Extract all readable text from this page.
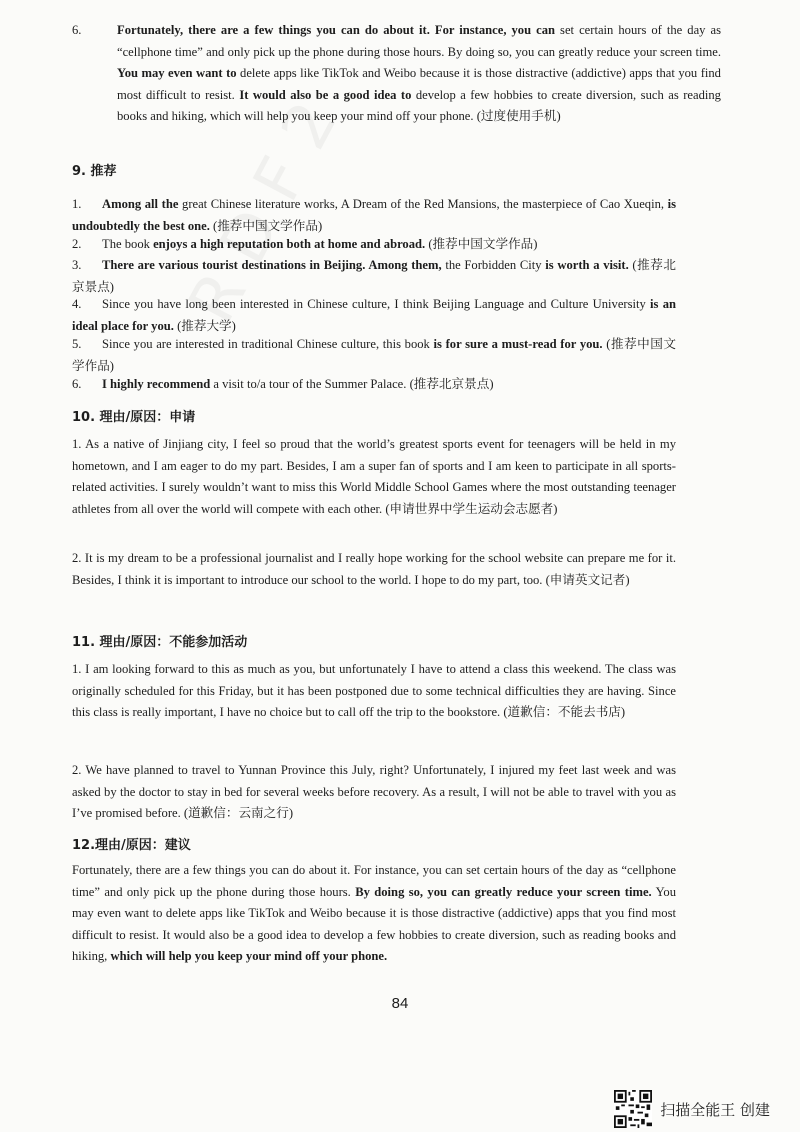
6.	Fortunately, there are a few things you can do about it. For instance, you can set certain hours of the day as “cellphone time” and only pick up the phone during those hours. By doing so, you can greatly reduce your screen time. You may even want to delete apps like TikTok and Weibo because it is those distractive (addictive) apps that you find most difficult to resist. It would also be a good idea to develop a few hobbies to create diversion, such as reading books and hiking, which will help you keep your mind off your phone. (过度使用手机)
9. 推荐
1. Among all the great Chinese literature works, A Dream of the Red Mansions, the masterpiece of Cao Xueqin, is undoubtedly the best one. (推荐中国文学作品)
2. The book enjoys a high reputation both at home and abroad. (推荐中国文学作品)
3. There are various tourist destinations in Beijing. Among them, the Forbidden City is worth a visit. (推荐北京景点)
4. Since you have long been interested in Chinese culture, I think Beijing Language and Culture University is an ideal place for you. (推荐大学)
5. Since you are interested in traditional Chinese culture, this book is for sure a must-read for you. (推荐中国文学作品)
6. I highly recommend a visit to/a tour of the Summer Palace. (推荐北京景点)
10. 理由/原因：申请
1. As a native of Jinjiang city, I feel so proud that the world’s greatest sports event for teenagers will be held in my hometown, and I am eager to do my part. Besides, I am a super fan of sports and I am keen to participate in all sports-related activities. I surely wouldn’t want to miss this World Middle School Games where the most outstanding teenager athletes from all over the world will compete with each other. (申请世界中学生运动会志愿者)
2. It is my dream to be a professional journalist and I really hope working for the school website can prepare me for it. Besides, I think it is important to introduce our school to the world. I hope to do my part, too. (申请英文记者)
11. 理由/原因：不能参加活动
1. I am looking forward to this as much as you, but unfortunately I have to attend a class this weekend. The class was originally scheduled for this Friday, but it has been postponed due to some technical difficulties they are having. Since this class is really important, I have no choice but to call off the trip to the bookstore. (道歉信：不能去书店)
2. We have planned to travel to Yunnan Province this July, right? Unfortunately, I injured my feet last week and was asked by the doctor to stay in bed for several weeks before recovery. As a result, I will not be able to travel with you as I’ve promised before. (道歉信：云南之行)
12.理由/原因：建议
Fortunately, there are a few things you can do about it. For instance, you can set certain hours of the day as “cellphone time” and only pick up the phone during those hours. By doing so, you can greatly reduce your screen time. You may even want to delete apps like TikTok and Weibo because it is those distractive (addictive) apps that you find most difficult to resist. It would also be a good idea to develop a few hobbies to create diversion, such as reading books and hiking, which will help you keep your mind off your phone.
84
扫描全能王 创建
